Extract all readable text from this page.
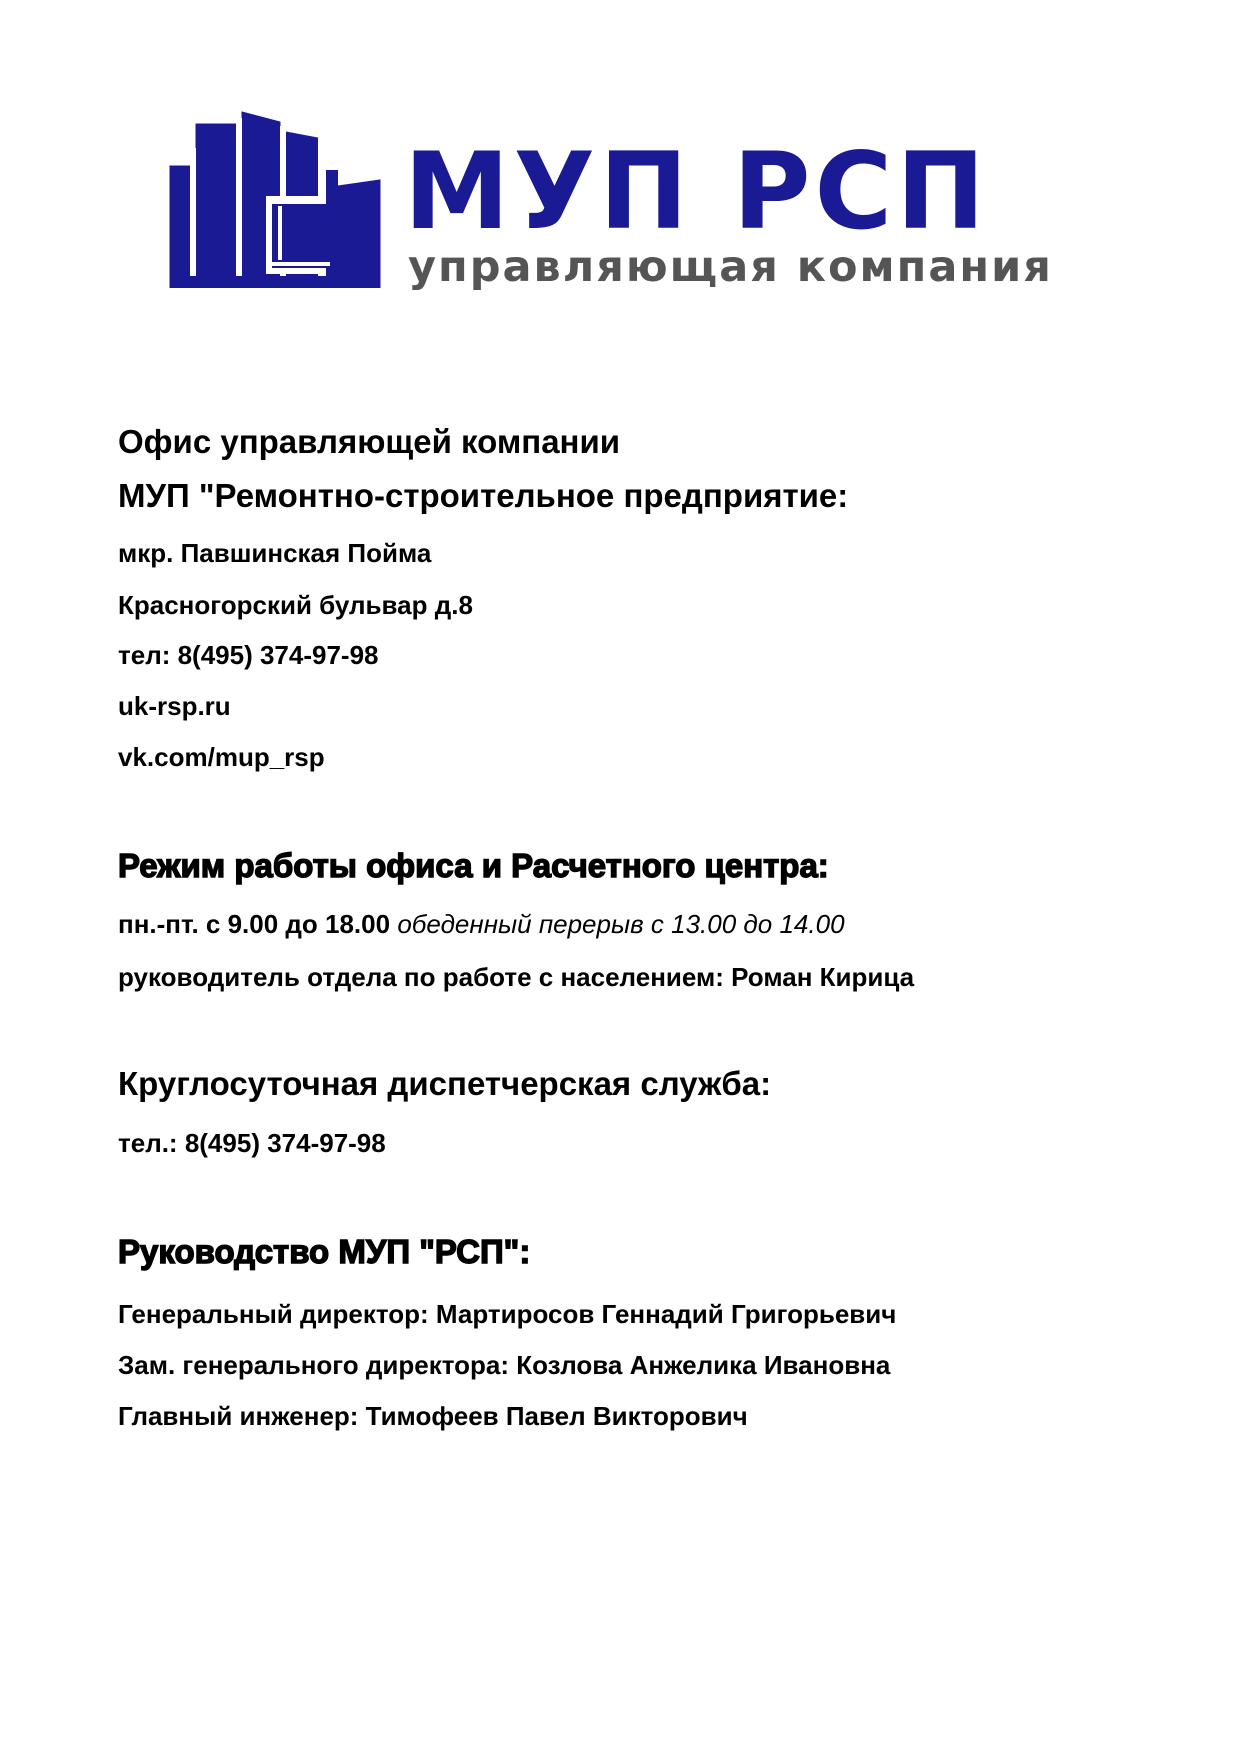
МУП РСП
управляющая компания
Офис управляющей компании
МУП "Ремонтно-строительное предприятие:
мкр. Павшинская Пойма
Красногорский бульвар д.8
тел: 8(495) 374-97-98
uk-rsp.ru
vk.com/mup_rsp
Режим работы офиса и Расчетного центра:
пн.-пт. с 9.00 до 18.00 обеденный перерыв с 13.00 до 14.00
руководитель отдела по работе с населением: Роман Кирица
Круглосуточная диспетчерская служба:
тел.: 8(495) 374-97-98
Руководство МУП "РСП":
Генеральный директор: Мартиросов Геннадий Григорьевич
Зам. генерального директора: Козлова Анжелика Ивановна
Главный инженер: Тимофеев Павел Викторович
